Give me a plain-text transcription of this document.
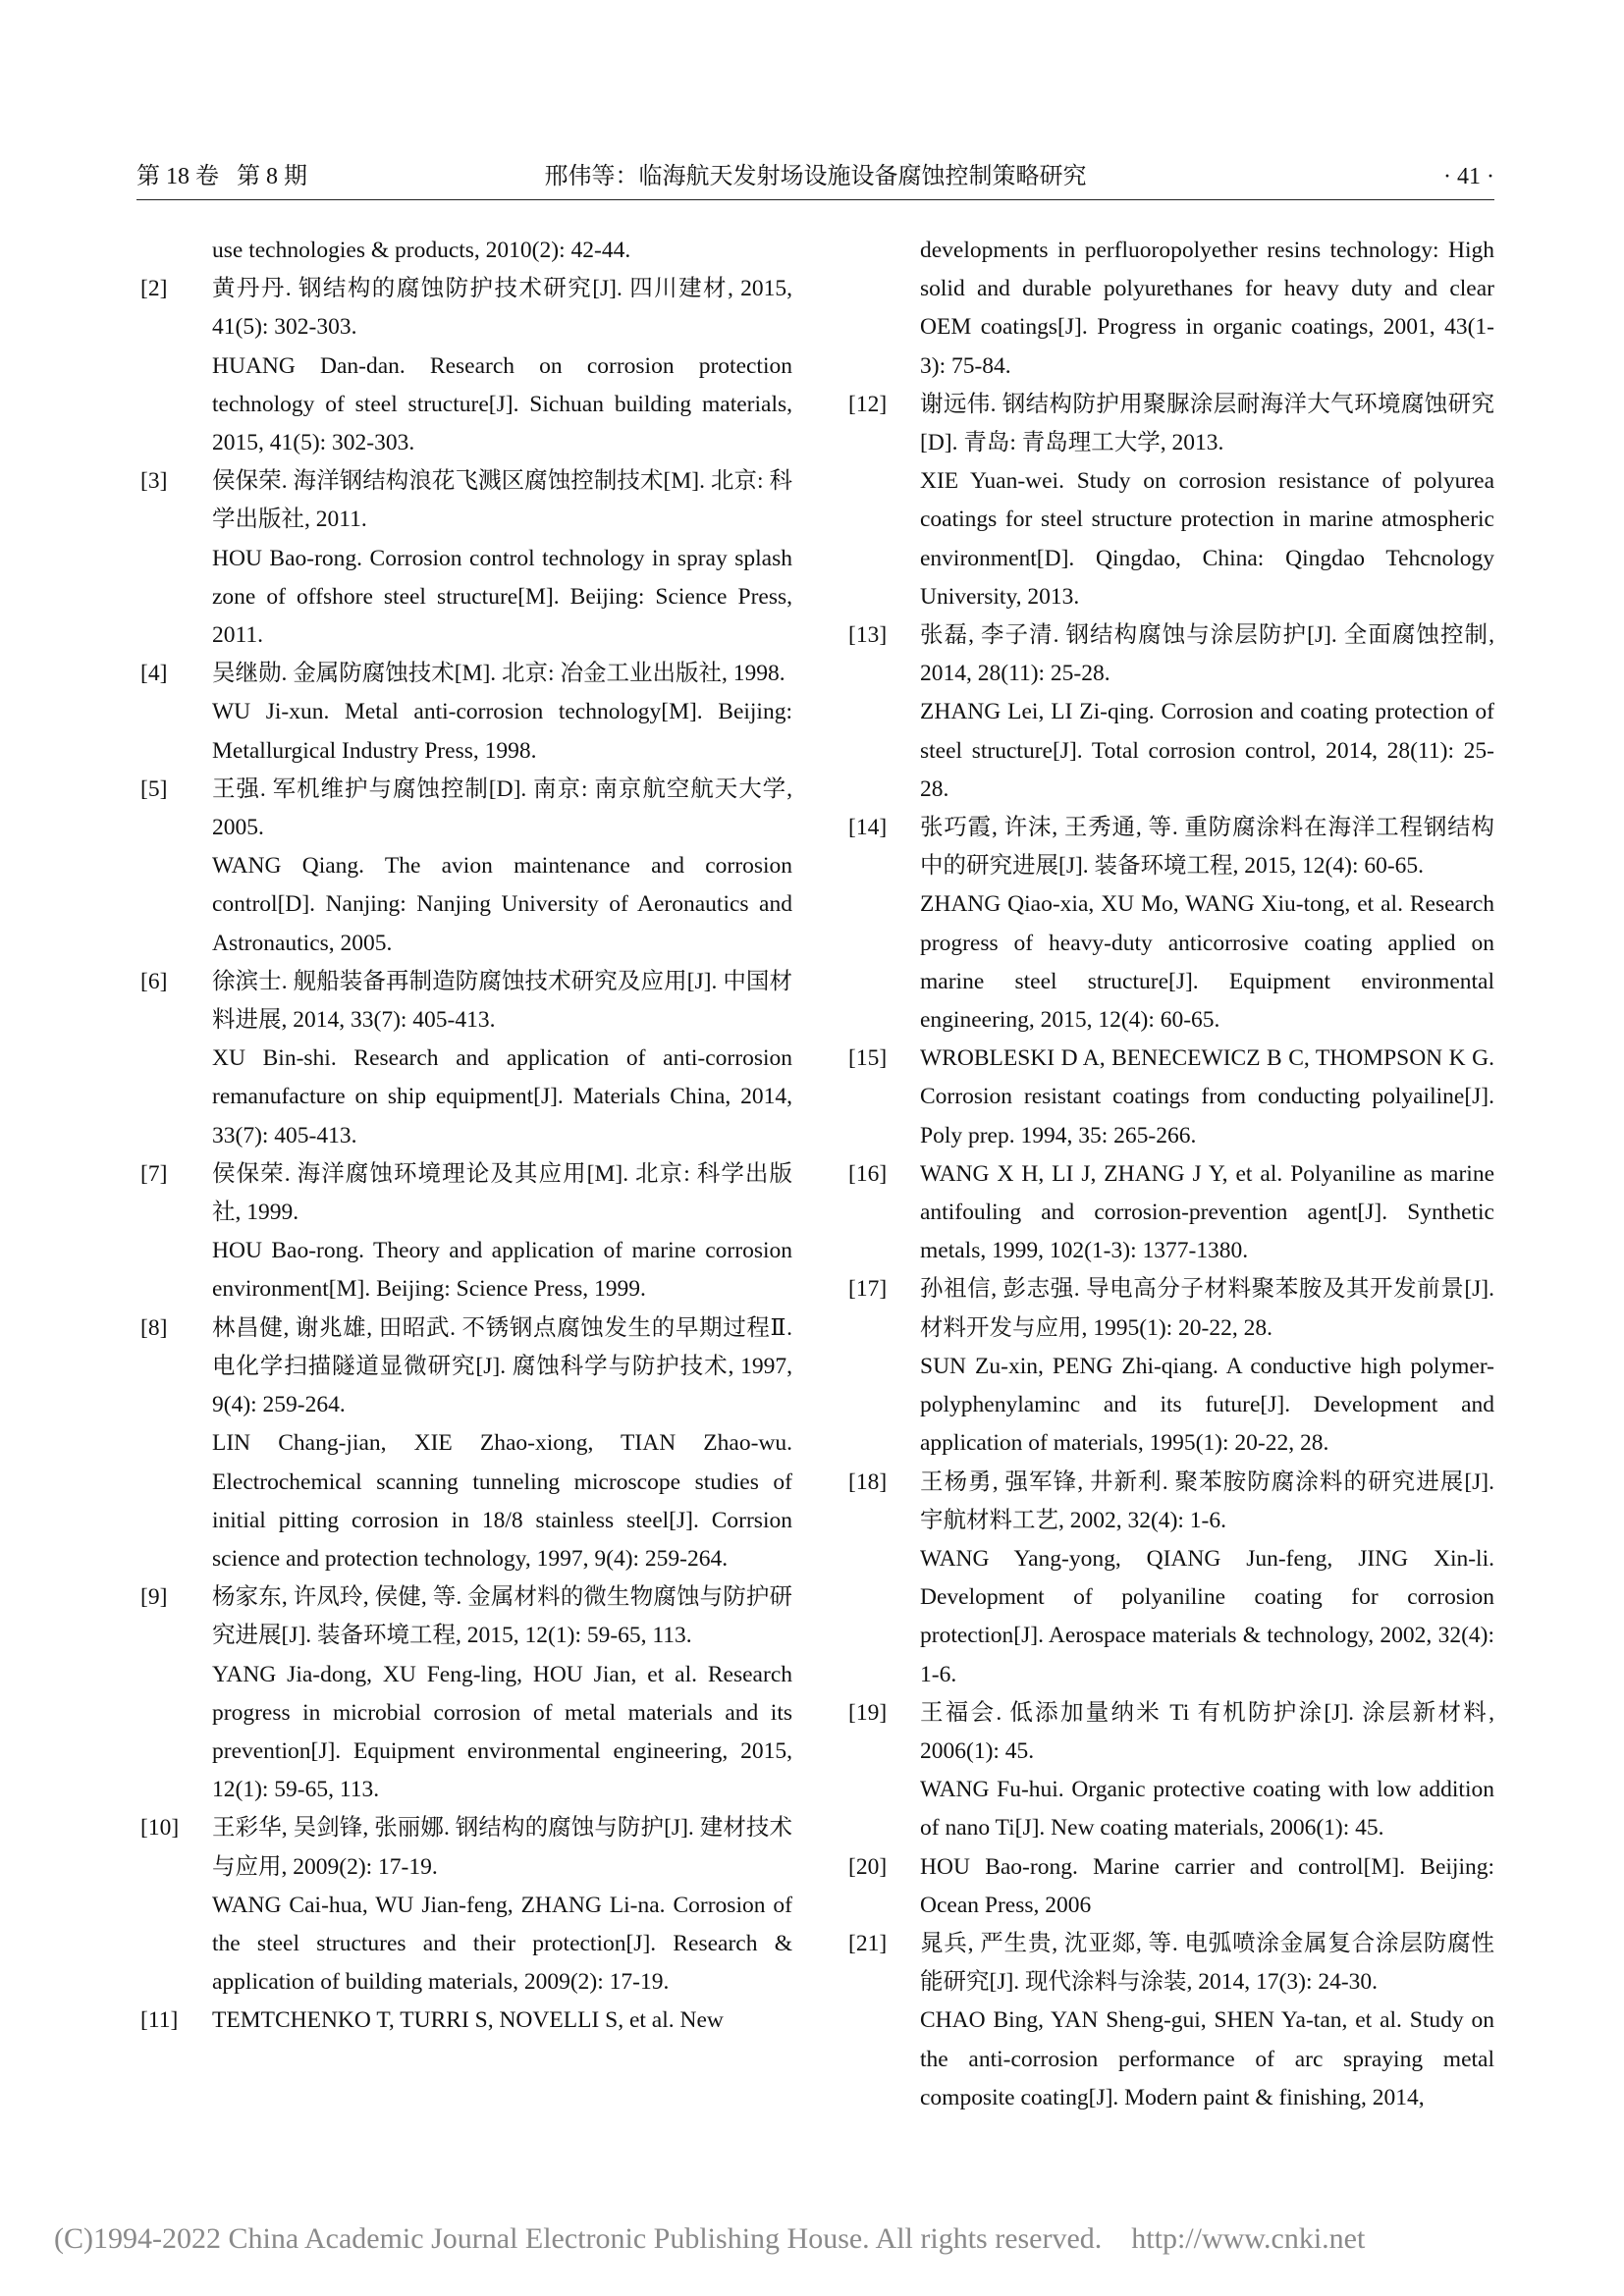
第 18 卷   第 8 期	邢伟等：临海航天发射场设施设备腐蚀控制策略研究	· 41 ·
use technologies & products, 2010(2): 42-44.
[2] 黄丹丹. 钢结构的腐蚀防护技术研究[J]. 四川建材, 2015, 41(5): 302-303.
HUANG Dan-dan. Research on corrosion protection technology of steel structure[J]. Sichuan building materials, 2015, 41(5): 302-303.
[3] 侯保荣. 海洋钢结构浪花飞溅区腐蚀控制技术[M]. 北京: 科学出版社, 2011.
HOU Bao-rong. Corrosion control technology in spray splash zone of offshore steel structure[M]. Beijing: Science Press, 2011.
[4] 吴继勋. 金属防腐蚀技术[M]. 北京: 冶金工业出版社, 1998.
WU Ji-xun. Metal anti-corrosion technology[M]. Beijing: Metallurgical Industry Press, 1998.
[5] 王强. 军机维护与腐蚀控制[D]. 南京: 南京航空航天大学, 2005.
WANG Qiang. The avion maintenance and corrosion control[D]. Nanjing: Nanjing University of Aeronautics and Astronautics, 2005.
[6] 徐滨士. 舰船装备再制造防腐蚀技术研究及应用[J]. 中国材料进展, 2014, 33(7): 405-413.
XU Bin-shi. Research and application of anti-corrosion remanufacture on ship equipment[J]. Materials China, 2014, 33(7): 405-413.
[7] 侯保荣. 海洋腐蚀环境理论及其应用[M]. 北京: 科学出版社, 1999.
HOU Bao-rong. Theory and application of marine corrosion environment[M]. Beijing: Science Press, 1999.
[8] 林昌健, 谢兆雄, 田昭武. 不锈钢点腐蚀发生的早期过程Ⅱ.电化学扫描隧道显微研究[J]. 腐蚀科学与防护技术, 1997, 9(4): 259-264.
LIN Chang-jian, XIE Zhao-xiong, TIAN Zhao-wu. Electrochemical scanning tunneling microscope studies of initial pitting corrosion in 18/8 stainless steel[J]. Corrsion science and protection technology, 1997, 9(4): 259-264.
[9] 杨家东, 许凤玲, 侯健, 等. 金属材料的微生物腐蚀与防护研究进展[J]. 装备环境工程, 2015, 12(1): 59-65, 113.
YANG Jia-dong, XU Feng-ling, HOU Jian, et al. Research progress in microbial corrosion of metal materials and its prevention[J]. Equipment environmental engineering, 2015, 12(1): 59-65, 113.
[10] 王彩华, 吴剑锋, 张丽娜. 钢结构的腐蚀与防护[J]. 建材技术与应用, 2009(2): 17-19.
WANG Cai-hua, WU Jian-feng, ZHANG Li-na. Corrosion of the steel structures and their protection[J]. Research & application of building materials, 2009(2): 17-19.
[11] TEMTCHENKO T, TURRI S, NOVELLI S, et al. New
developments in perfluoropolyether resins technology: High solid and durable polyurethanes for heavy duty and clear OEM coatings[J]. Progress in organic coatings, 2001, 43(1-3): 75-84.
[12] 谢远伟. 钢结构防护用聚脲涂层耐海洋大气环境腐蚀研究[D]. 青岛: 青岛理工大学, 2013.
XIE Yuan-wei. Study on corrosion resistance of polyurea coatings for steel structure protection in marine atmospheric environment[D]. Qingdao, China: Qingdao Tehcnology University, 2013.
[13] 张磊, 李子清. 钢结构腐蚀与涂层防护[J]. 全面腐蚀控制, 2014, 28(11): 25-28.
ZHANG Lei, LI Zi-qing. Corrosion and coating protection of steel structure[J]. Total corrosion control, 2014, 28(11): 25-28.
[14] 张巧霞, 许沫, 王秀通, 等. 重防腐涂料在海洋工程钢结构中的研究进展[J]. 装备环境工程, 2015, 12(4): 60-65.
ZHANG Qiao-xia, XU Mo, WANG Xiu-tong, et al. Research progress of heavy-duty anticorrosive coating applied on marine steel structure[J]. Equipment environmental engineering, 2015, 12(4): 60-65.
[15] WROBLESKI D A, BENECEWICZ B C, THOMPSON K G. Corrosion resistant coatings from conducting polyailine[J]. Poly prep. 1994, 35: 265-266.
[16] WANG X H, LI J, ZHANG J Y, et al. Polyaniline as marine antifouling and corrosion-prevention agent[J]. Synthetic metals, 1999, 102(1-3): 1377-1380.
[17] 孙祖信, 彭志强. 导电高分子材料聚苯胺及其开发前景[J]. 材料开发与应用, 1995(1): 20-22, 28.
SUN Zu-xin, PENG Zhi-qiang. A conductive high polymer-polyphenylaminc and its future[J]. Development and application of materials, 1995(1): 20-22, 28.
[18] 王杨勇, 强军锋, 井新利. 聚苯胺防腐涂料的研究进展[J]. 宇航材料工艺, 2002, 32(4): 1-6.
WANG Yang-yong, QIANG Jun-feng, JING Xin-li. Development of polyaniline coating for corrosion protection[J]. Aerospace materials & technology, 2002, 32(4): 1-6.
[19] 王福会. 低添加量纳米 Ti 有机防护涂[J]. 涂层新材料, 2006(1): 45.
WANG Fu-hui. Organic protective coating with low addition of nano Ti[J]. New coating materials, 2006(1): 45.
[20] HOU Bao-rong. Marine carrier and control[M]. Beijing: Ocean Press, 2006
[21] 晁兵, 严生贵, 沈亚郯, 等. 电弧喷涂金属复合涂层防腐性能研究[J]. 现代涂料与涂装, 2014, 17(3): 24-30.
CHAO Bing, YAN Sheng-gui, SHEN Ya-tan, et al. Study on the anti-corrosion performance of arc spraying metal composite coating[J]. Modern paint & finishing, 2014,
(C)1994-2022 China Academic Journal Electronic Publishing House. All rights reserved.    http://www.cnki.net
